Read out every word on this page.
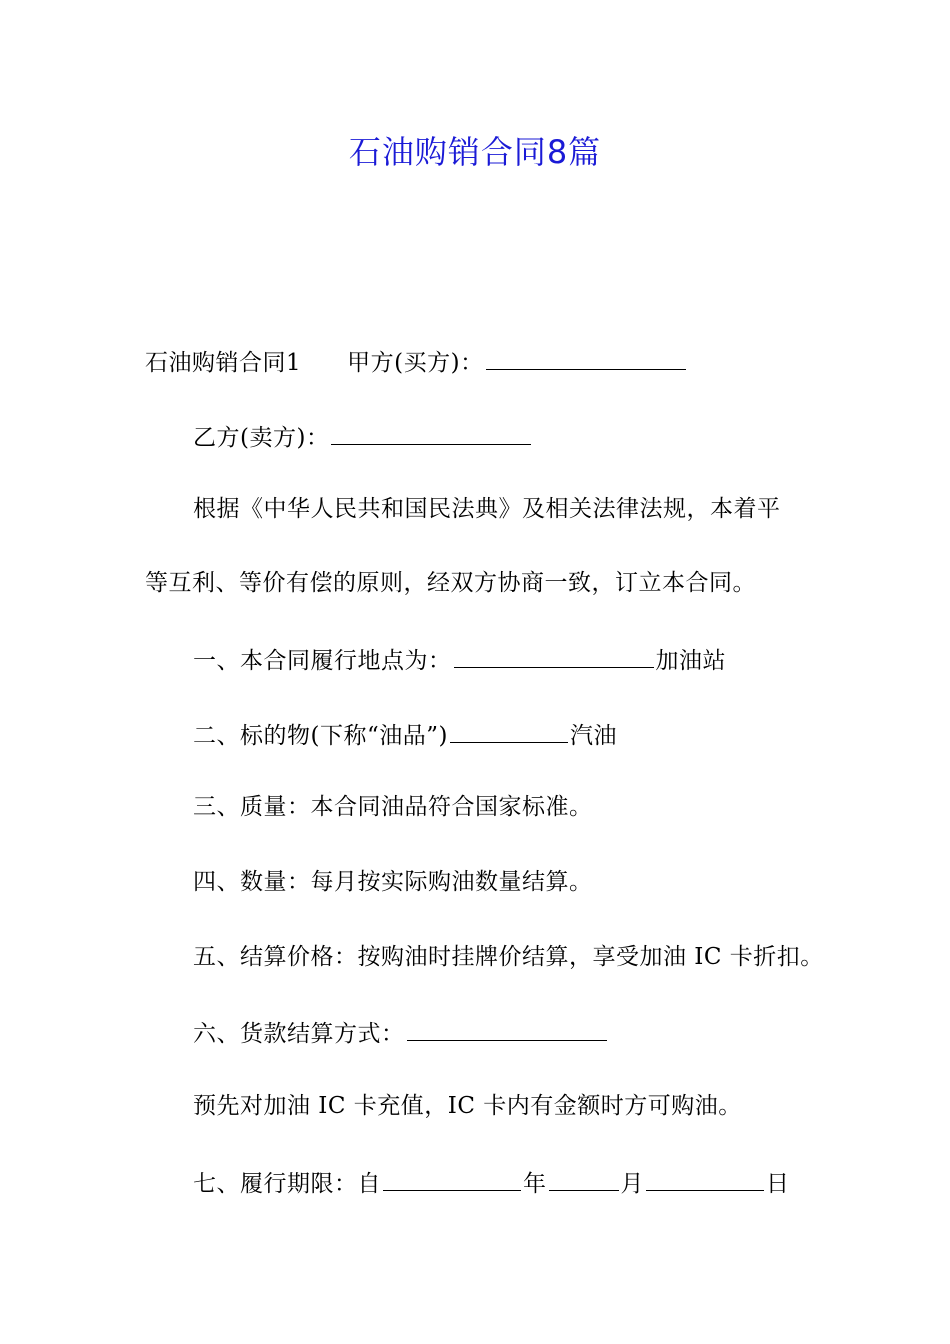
石油购销合同8篇
石油购销合同1 甲方(买方)：
乙方(卖方)：
根据《中华人民共和国民法典》及相关法律法规，本着平
等互利、等价有偿的原则，经双方协商一致，订立本合同。
一、本合同履行地点为：	加油站
二、标的物(下称“油品”)	汽油
三、质量：本合同油品符合国家标准。
四、数量：每月按实际购油数量结算。
五、结算价格：按购油时挂牌价结算，享受加油 IC 卡折扣。
六、货款结算方式：
预先对加油 IC 卡充值，IC 卡内有金额时方可购油。
七、履行期限：自	年	月	日
